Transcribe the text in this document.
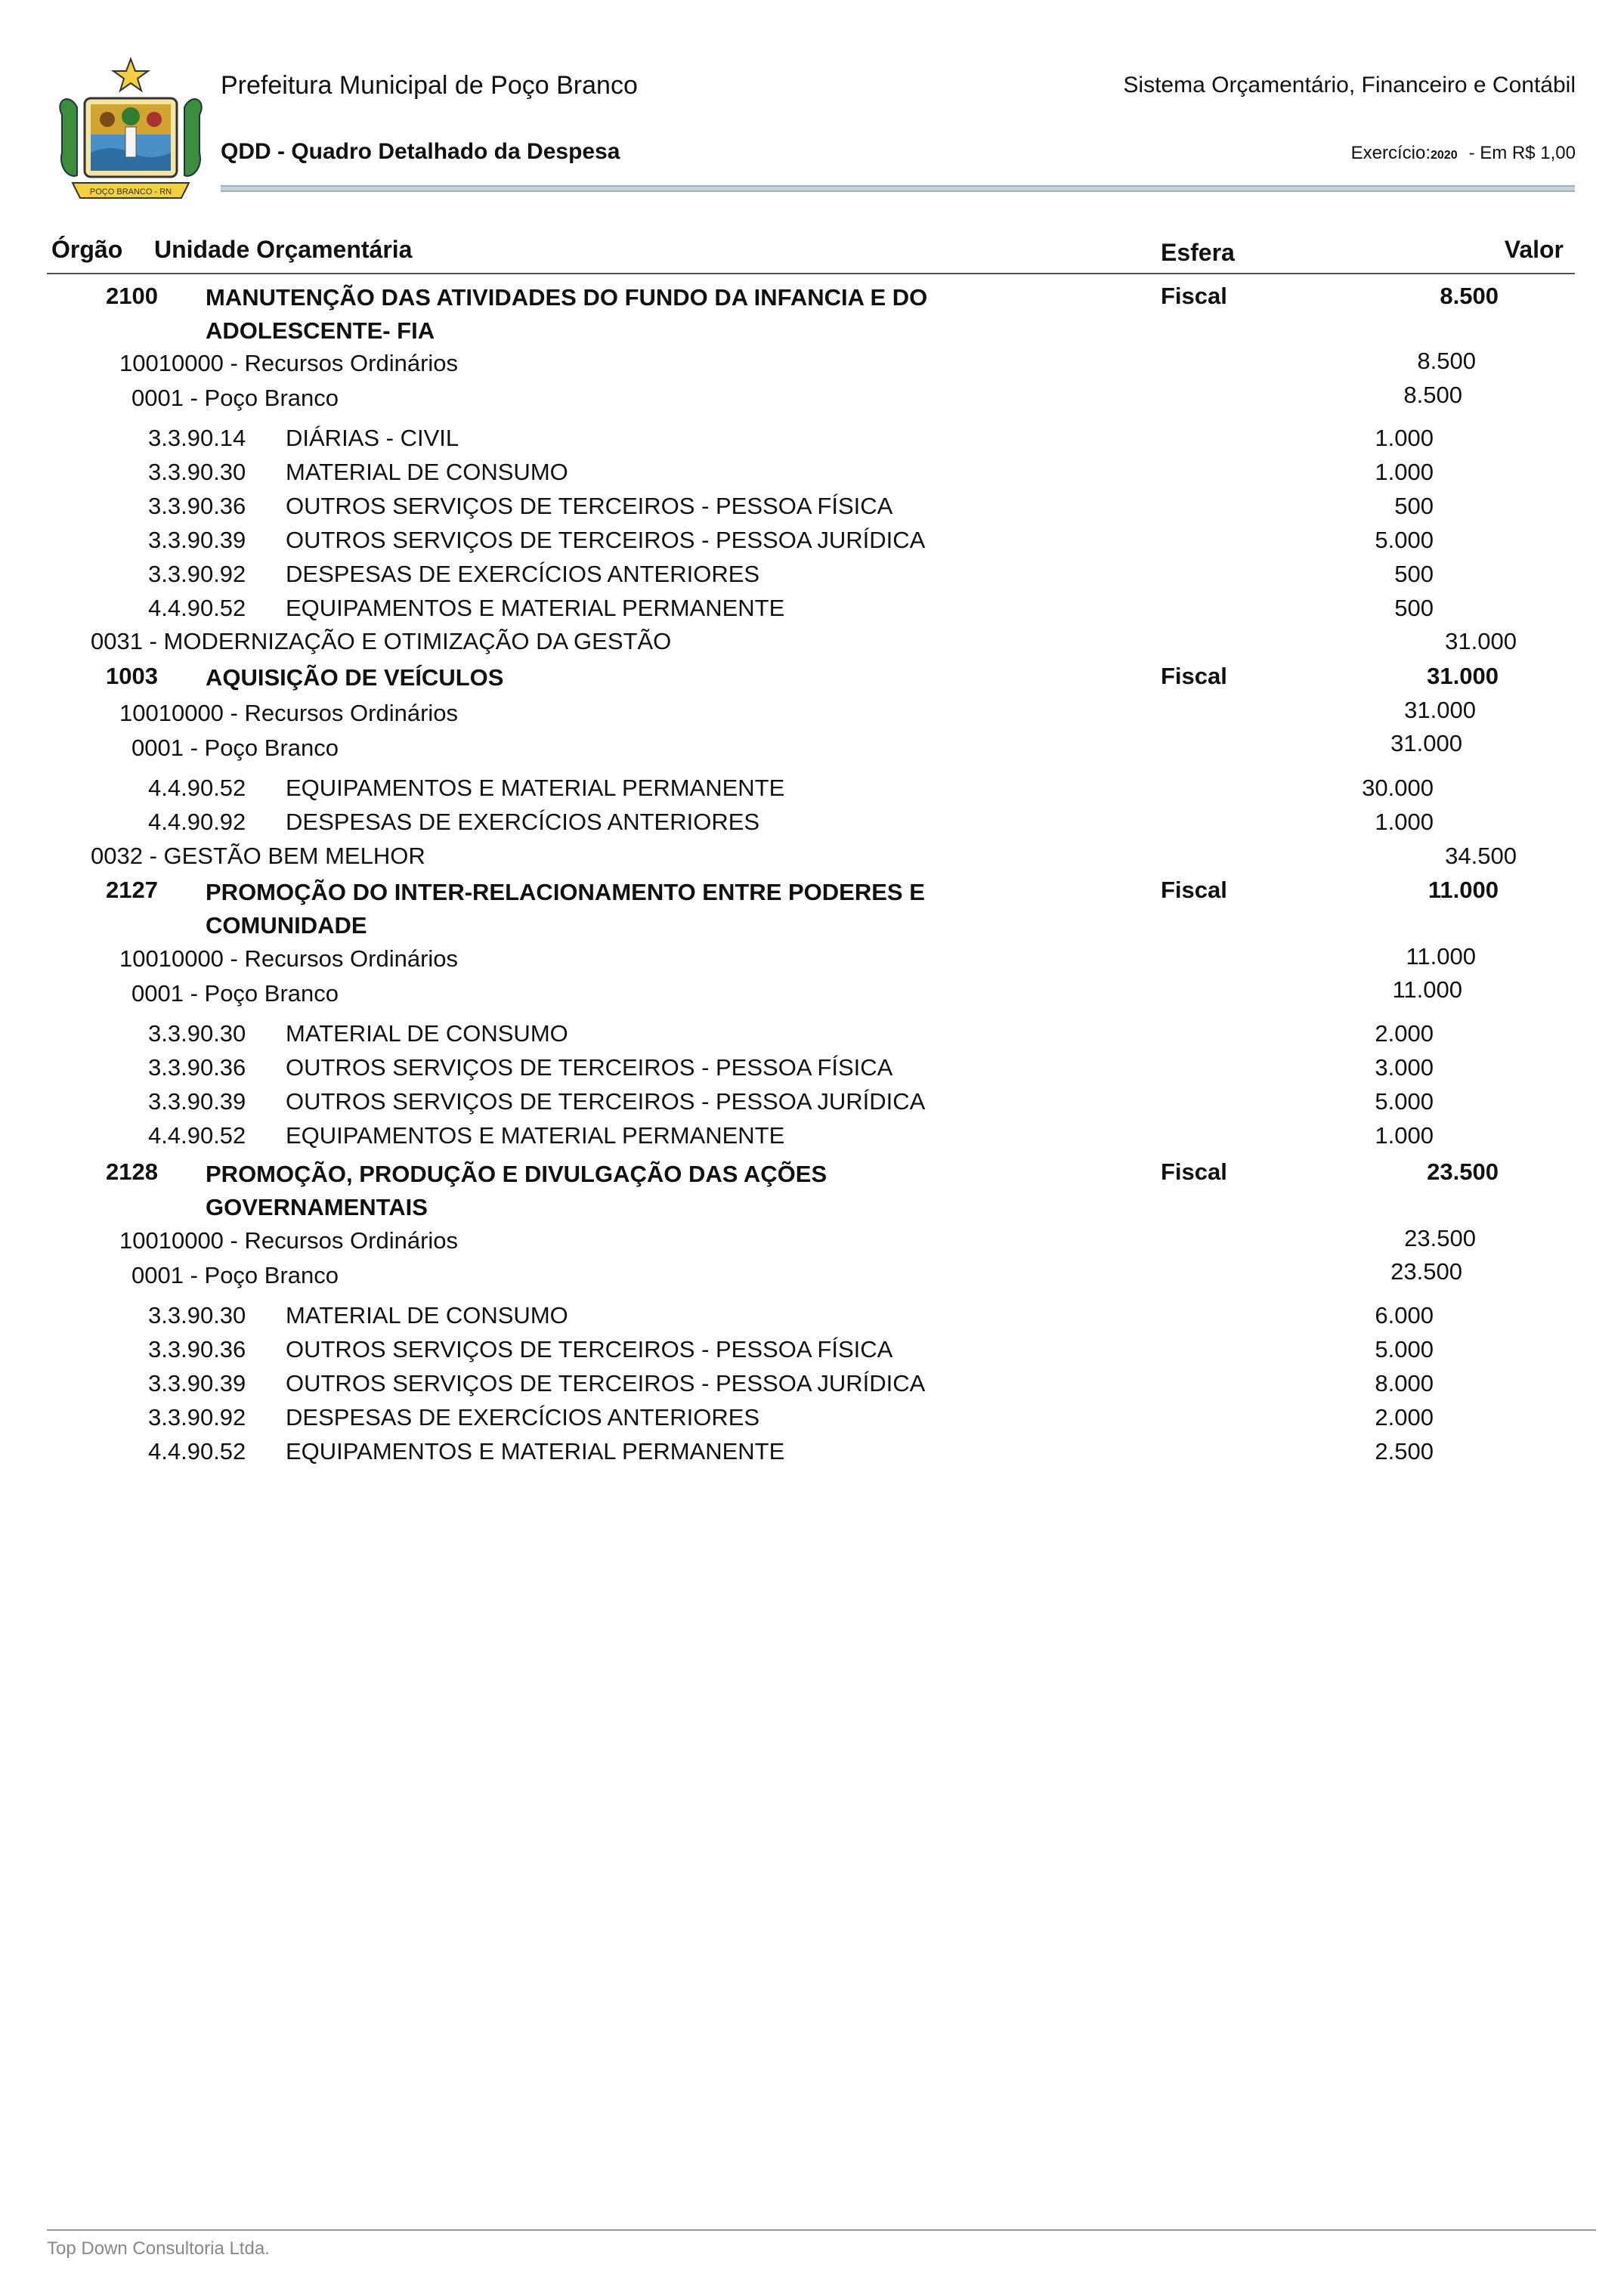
POÇO BRANCO - RN
Prefeitura Municipal de Poço Branco
QDD - Quadro Detalhado da Despesa
Sistema Orçamentário, Financeiro e Contábil
Exercício:2020  - Em R$ 1,00
Órgão Unidade Orçamentária	Esfera	Valor
2100 MANUTENÇÃO DAS ATIVIDADES DO FUNDO DA INFANCIA E DO
ADOLESCENTE- FIA
Fiscal	8.500
10010000 - Recursos Ordinários	8.500
0001 - Poço Branco	8.500
3.3.90.14 DIÁRIAS - CIVIL	1.000
3.3.90.30 MATERIAL DE CONSUMO	1.000
3.3.90.36 OUTROS SERVIÇOS DE TERCEIROS - PESSOA FÍSICA	500
3.3.90.39 OUTROS SERVIÇOS DE TERCEIROS - PESSOA JURÍDICA	5.000
3.3.90.92 DESPESAS DE EXERCÍCIOS ANTERIORES	500
4.4.90.52 EQUIPAMENTOS E MATERIAL PERMANENTE	500
0031 - MODERNIZAÇÃO E OTIMIZAÇÃO DA GESTÃO	31.000
1003 AQUISIÇÃO DE VEÍCULOS	Fiscal	31.000
10010000 - Recursos Ordinários	31.000
0001 - Poço Branco	31.000
4.4.90.52 EQUIPAMENTOS E MATERIAL PERMANENTE	30.000
4.4.90.92 DESPESAS DE EXERCÍCIOS ANTERIORES	1.000
0032 - GESTÃO BEM MELHOR	34.500
2127 PROMOÇÃO DO INTER-RELACIONAMENTO ENTRE PODERES E
COMUNIDADE
Fiscal	11.000
10010000 - Recursos Ordinários	11.000
0001 - Poço Branco	11.000
3.3.90.30 MATERIAL DE CONSUMO	2.000
3.3.90.36 OUTROS SERVIÇOS DE TERCEIROS - PESSOA FÍSICA	3.000
3.3.90.39 OUTROS SERVIÇOS DE TERCEIROS - PESSOA JURÍDICA	5.000
4.4.90.52 EQUIPAMENTOS E MATERIAL PERMANENTE	1.000
2128 PROMOÇÃO, PRODUÇÃO E DIVULGAÇÃO DAS AÇÕES
GOVERNAMENTAIS
Fiscal	23.500
10010000 - Recursos Ordinários	23.500
0001 - Poço Branco	23.500
3.3.90.30 MATERIAL DE CONSUMO	6.000
3.3.90.36 OUTROS SERVIÇOS DE TERCEIROS - PESSOA FÍSICA	5.000
3.3.90.39 OUTROS SERVIÇOS DE TERCEIROS - PESSOA JURÍDICA	8.000
3.3.90.92 DESPESAS DE EXERCÍCIOS ANTERIORES	2.000
4.4.90.52 EQUIPAMENTOS E MATERIAL PERMANENTE	2.500
Top Down Consultoria Ltda.
